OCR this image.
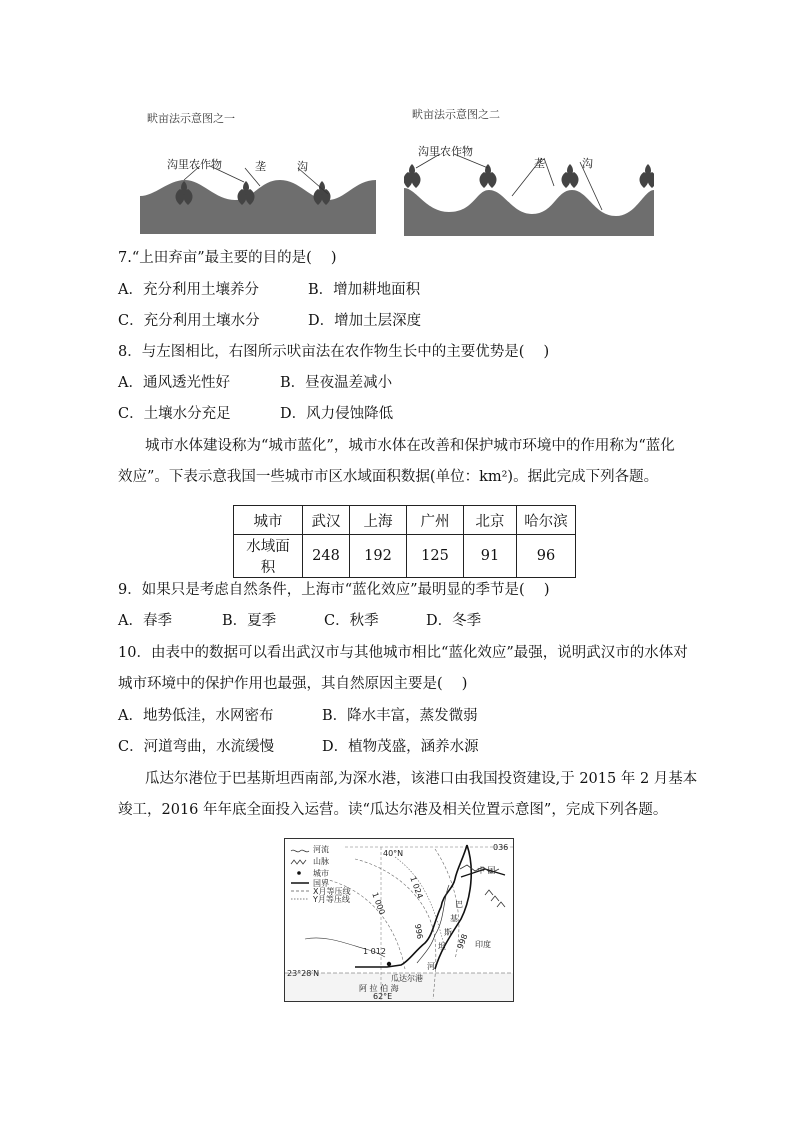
畎亩法示意图之一
沟里农作物	垄	沟
畎亩法示意图之二
沟里农作物
垄	沟
7.“上田弃亩”最主要的目的是(　 )
A．充分利用土壤养分	B．增加耕地面积
C．充分利用土壤水分	D．增加土层深度
8．与左图相比，右图所示吠亩法在农作物生长中的主要优势是(　 )
A．通风透光性好	B．昼夜温差减小
C．土壤水分充足	D．风力侵蚀降低
城市水体建设称为“城市蓝化”，城市水体在改善和保护城市环境中的作用称为“蓝化
效应”。下表示意我国一些城市市区水域面积数据(单位：km²)。据此完成下列各题。
城市	武汉	上海	广州	北京	哈尔滨
水域面积	248	192	125	91	96
9．如果只是考虑自然条件，上海市“蓝化效应”最明显的季节是(　 )
A．春季	B．夏季	C．秋季	D．冬季
10．由表中的数据可以看出武汉市与其他城市相比“蓝化效应”最强，说明武汉市的水体对
城市环境中的保护作用也最强，其自然原因主要是(　 )
A．地势低洼，水网密布	B．降水丰富，蒸发微弱
C．河道弯曲，水流缓慢	D．植物茂盛，涵养水源
瓜达尔港位于巴基斯坦西南部,为深水港，该港口由我国投资建设,于 2015 年 2 月基本
竣工，2016 年年底全面投入运营。读“瓜达尔港及相关位置示意图”，完成下列各题。
河流
山脉
城市
国界
X月等压线
Y月等压线
40°N
036
中 国
1 024
1 000	巴
基
斯
坦
996
998 印度
1 012
河
23°28′N
瓜达尔港
阿 拉 伯 海
62°E
